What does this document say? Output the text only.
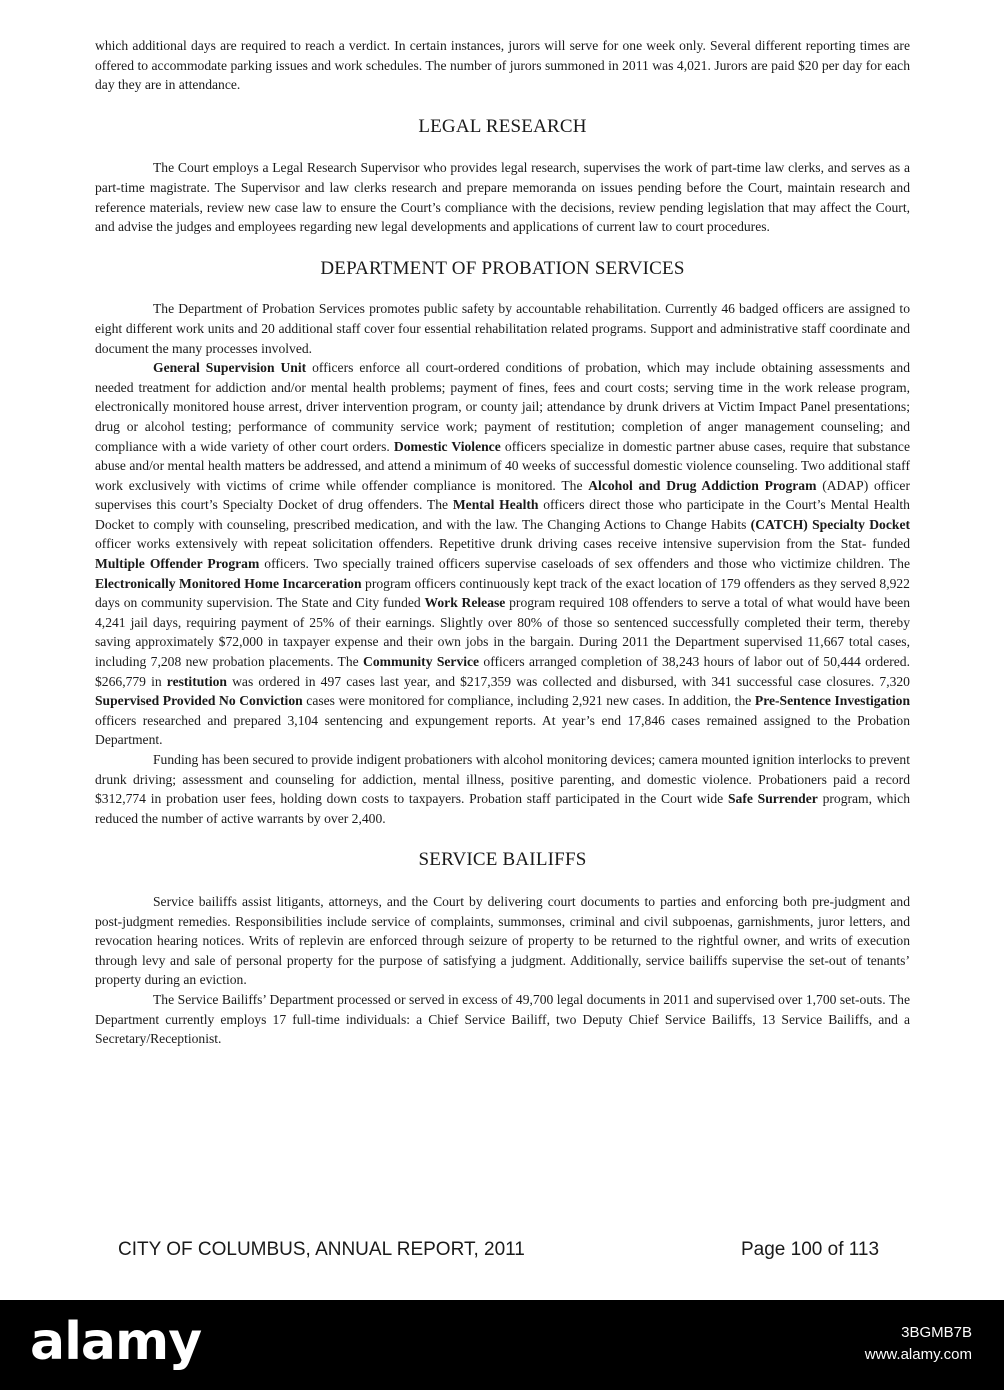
which additional days are required to reach a verdict. In certain instances, jurors will serve for one week only. Several different reporting times are offered to accommodate parking issues and work schedules. The number of jurors summoned in 2011 was 4,021. Jurors are paid $20 per day for each day they are in attendance.

LEGAL RESEARCH

The Court employs a Legal Research Supervisor who provides legal research, supervises the work of part-time law clerks, and serves as a part-time magistrate. The Supervisor and law clerks research and prepare memoranda on issues pending before the Court, maintain research and reference materials, review new case law to ensure the Court’s compliance with the decisions, review pending legislation that may affect the Court, and advise the judges and employees regarding new legal developments and applications of current law to court procedures.

DEPARTMENT OF PROBATION SERVICES

The Department of Probation Services promotes public safety by accountable rehabilitation. Currently 46 badged officers are assigned to eight different work units and 20 additional staff cover four essential rehabilitation related programs. Support and administrative staff coordinate and document the many processes involved.

General Supervision Unit officers enforce all court-ordered conditions of probation, which may include obtaining assessments and needed treatment for addiction and/or mental health problems; payment of fines, fees and court costs; serving time in the work release program, electronically monitored house arrest, driver intervention program, or county jail; attendance by drunk drivers at Victim Impact Panel presentations; drug or alcohol testing; performance of community service work; payment of restitution; completion of anger management counseling; and compliance with a wide variety of other court orders. Domestic Violence officers specialize in domestic partner abuse cases, require that substance abuse and/or mental health matters be addressed, and attend a minimum of 40 weeks of successful domestic violence counseling. Two additional staff work exclusively with victims of crime while offender compliance is monitored. The Alcohol and Drug Addiction Program (ADAP) officer supervises this court’s Specialty Docket of drug offenders. The Mental Health officers direct those who participate in the Court’s Mental Health Docket to comply with counseling, prescribed medication, and with the law. The Changing Actions to Change Habits (CATCH) Specialty Docket officer works extensively with repeat solicitation offenders. Repetitive drunk driving cases receive intensive supervision from the Stat- funded Multiple Offender Program officers. Two specially trained officers supervise caseloads of sex offenders and those who victimize children. The Electronically Monitored Home Incarceration program officers continuously kept track of the exact location of 179 offenders as they served 8,922 days on community supervision. The State and City funded Work Release program required 108 offenders to serve a total of what would have been 4,241 jail days, requiring payment of 25% of their earnings. Slightly over 80% of those so sentenced successfully completed their term, thereby saving approximately $72,000 in taxpayer expense and their own jobs in the bargain. During 2011 the Department supervised 11,667 total cases, including 7,208 new probation placements. The Community Service officers arranged completion of 38,243 hours of labor out of 50,444 ordered. $266,779 in restitution was ordered in 497 cases last year, and $217,359 was collected and disbursed, with 341 successful case closures. 7,320 Supervised Provided No Conviction cases were monitored for compliance, including 2,921 new cases. In addition, the Pre-Sentence Investigation officers researched and prepared 3,104 sentencing and expungement reports. At year’s end 17,846 cases remained assigned to the Probation Department.

Funding has been secured to provide indigent probationers with alcohol monitoring devices; camera mounted ignition interlocks to prevent drunk driving; assessment and counseling for addiction, mental illness, positive parenting, and domestic violence. Probationers paid a record $312,774 in probation user fees, holding down costs to taxpayers. Probation staff participated in the Court wide Safe Surrender program, which reduced the number of active warrants by over 2,400.

SERVICE BAILIFFS

Service bailiffs assist litigants, attorneys, and the Court by delivering court documents to parties and enforcing both pre-judgment and post-judgment remedies. Responsibilities include service of complaints, summonses, criminal and civil subpoenas, garnishments, juror letters, and revocation hearing notices. Writs of replevin are enforced through seizure of property to be returned to the rightful owner, and writs of execution through levy and sale of personal property for the purpose of satisfying a judgment. Additionally, service bailiffs supervise the set-out of tenants’ property during an eviction.

The Service Bailiffs’ Department processed or served in excess of 49,700 legal documents in 2011 and supervised over 1,700 set-outs. The Department currently employs 17 full-time individuals: a Chief Service Bailiff, two Deputy Chief Service Bailiffs, 13 Service Bailiffs, and a Secretary/Receptionist.

CITY OF COLUMBUS, ANNUAL REPORT, 2011	Page 100 of 113
alamy	3BGMB7B
www.alamy.com
